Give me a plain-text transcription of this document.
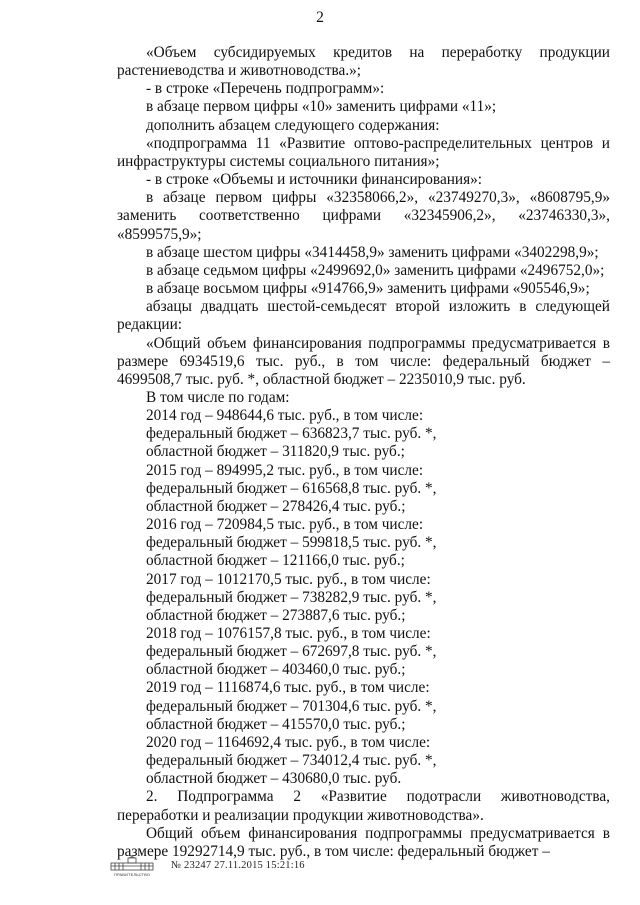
2

«Объем субсидируемых кредитов на переработку продукции растениеводства и животноводства.»;

- в строке «Перечень подпрограмм»:

в абзаце первом цифры «10» заменить цифрами «11»;

дополнить абзацем следующего содержания:

«подпрограмма 11 «Развитие оптово-распределительных центров и инфраструктуры системы социального питания»;

- в строке «Объемы и источники финансирования»:

в абзаце первом цифры «32358066,2», «23749270,3», «8608795,9» заменить соответственно цифрами «32345906,2», «23746330,3», «8599575,9»;

в абзаце шестом цифры «3414458,9» заменить цифрами «3402298,9»;

в абзаце седьмом цифры «2499692,0» заменить цифрами «2496752,0»;

в абзаце восьмом цифры «914766,9» заменить цифрами «905546,9»;

абзацы двадцать шестой-семьдесят второй изложить в следующей редакции:

«Общий объем финансирования подпрограммы предусматривается в размере 6934519,6 тыс. руб., в том числе: федеральный бюджет – 4699508,7 тыс. руб. *, областной бюджет – 2235010,9 тыс. руб.

В том числе по годам:

2014 год – 948644,6 тыс. руб., в том числе:

федеральный бюджет – 636823,7 тыс. руб. *,

областной бюджет – 311820,9 тыс. руб.;

2015 год – 894995,2 тыс. руб., в том числе:

федеральный бюджет – 616568,8 тыс. руб. *,

областной бюджет – 278426,4 тыс. руб.;

2016 год – 720984,5 тыс. руб., в том числе:

федеральный бюджет – 599818,5 тыс. руб. *,

областной бюджет – 121166,0 тыс. руб.;

2017 год – 1012170,5 тыс. руб., в том числе:

федеральный бюджет – 738282,9 тыс. руб. *,

областной бюджет – 273887,6 тыс. руб.;

2018 год – 1076157,8 тыс. руб., в том числе:

федеральный бюджет – 672697,8 тыс. руб. *,

областной бюджет – 403460,0 тыс. руб.;

2019 год – 1116874,6 тыс. руб., в том числе:

федеральный бюджет – 701304,6 тыс. руб. *,

областной бюджет – 415570,0 тыс. руб.;

2020 год – 1164692,4 тыс. руб., в том числе:

федеральный бюджет – 734012,4 тыс. руб. *,

областной бюджет – 430680,0 тыс. руб.

2. Подпрограмма 2 «Развитие подотрасли животноводства, переработки и реализации продукции животноводства».

Общий объем финансирования подпрограммы предусматривается в размере 19292714,9 тыс. руб., в том числе: федеральный бюджет –

ПРАВИТЕЛЬСТВО
№ 23247 27.11.2015 15:21:16
